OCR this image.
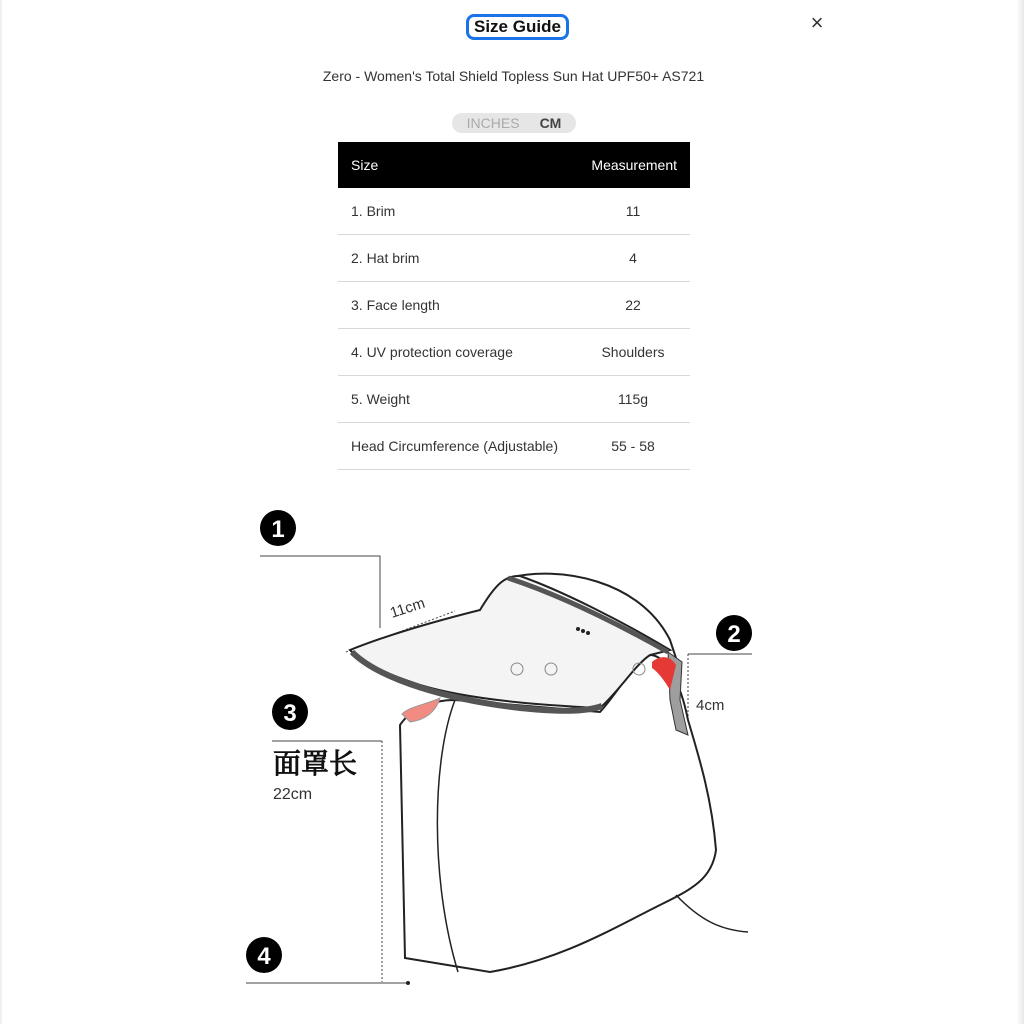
Size Guide	×
Zero - Women's Total Shield Topless Sun Hat UPF50+ AS721
INCHES CM
Size	Measurement
1. Brim	11
2. Hat brim	4
3. Face length	22
4. UV protection coverage	Shoulders
5. Weight	115g
Head Circumference (Adjustable)	55 - 58
1
2
4cm
3
面罩长
22cm
4
11cm
